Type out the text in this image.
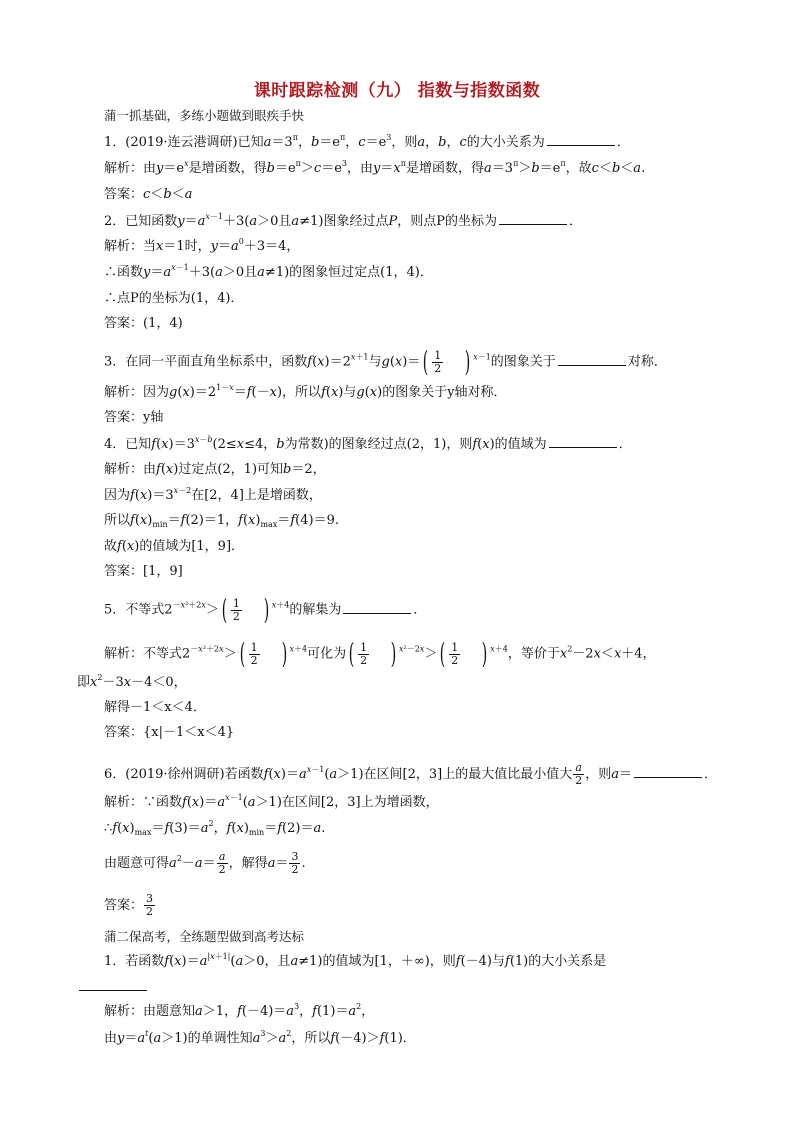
课时跟踪检测（九） 指数与指数函数
蒲一抓基础，多练小题做到眼疾手快
1．(2019·连云港调研)已知$a=3^\pi$，$b=e^\pi$，$c=e^3$，则a，b，c的大小关系为	．
解析：由$y=e^x$是增函数，得$b=e^\pi>c=e^3$，由$y=x^\pi$是增函数，得$a=3^\pi>b=e^\pi$，故c＜b＜a.
答案：c＜b＜a
2．已知函数$y=a^{x-1}+3(a>0$且a≠1)图象经过点P，则点P的坐标为	．
解析：当x＝1时，$y=a^0+3=4$，
∴函数$y=a^{x-1}+3(a>0$且a≠1)的图象恒过定点(1，4)．
∴点P的坐标为(1，4)．
答案：(1，4)
3．在同一平面直角坐标系中，函数$f(x)=2^{x+1}$与$g(x)=( \frac{1}{2}$ ) $^{x-1}$的图象关于	对称．
解析：因为$g(x)=2^{1-x}=f(-x)$，所以f(x)与g(x)的图象关于y轴对称．
答案：y轴
4．已知$f(x)=3^{x-b}(2\le x\le 4$，b为常数)的图象经过点(2，1)，则f(x)的值域为	．
解析：由f(x)过定点(2，1)可知b＝2，
因为$f(x)=3^{x-2}$在[2，4]上是增函数，
所以$f(x)_{min}=f(2)=1$，$f(x)_{max}=f(4)=9$.
故f(x)的值域为[1，9]．
答案：[1，9]
5．不等式$2^{-x^2+2x}>( \frac{1}{2}$ ) $^{x+4}$的解集为	．
解析：不等式$2^{-x^2+2x}>( \frac{1}{2}$ ) $^{x+4}$可化为( $\frac{1}{2}$ ) $^{x^2-2x}>( \frac{1}{2}$ ) $^{x+4}$，等价于$x^2-2x<x+4$，
即$x^2-3x-4<0$，
解得－1＜x＜4．
答案：{x|－1＜x＜4}
6．(2019·徐州调研)若函数$f(x)=a^{x-1}(a>1)$在区间[2，3]上的最大值比最小值大 $\frac{a}{2}$ ，则a＝	．
解析：∵函数$f(x)=a^{x-1}(a>1)$在区间[2，3]上为增函数，
$\therefore f(x)_{max}=f(3)=a^2$，$f(x)_{min}=f(2)=a$.
由题意可得$a^2-a= \frac{a}{2}$ ，解得$a= \frac{3}{2}$ .
答案： $\frac{3}{2}$
蒲二保高考，全练题型做到高考达标
1．若函数$f(x)=a^{|x+1|}(a>0$，且a≠1)的值域为[1，＋∞)，则f(－4)与f(1)的大小关系是
解析：由题意知a＞1，$f(-4)=a^3$，$f(1)=a^2$，
由$y=a^t(a>1)$的单调性知$a^3>a^2$，所以f(－4)＞f(1)．
